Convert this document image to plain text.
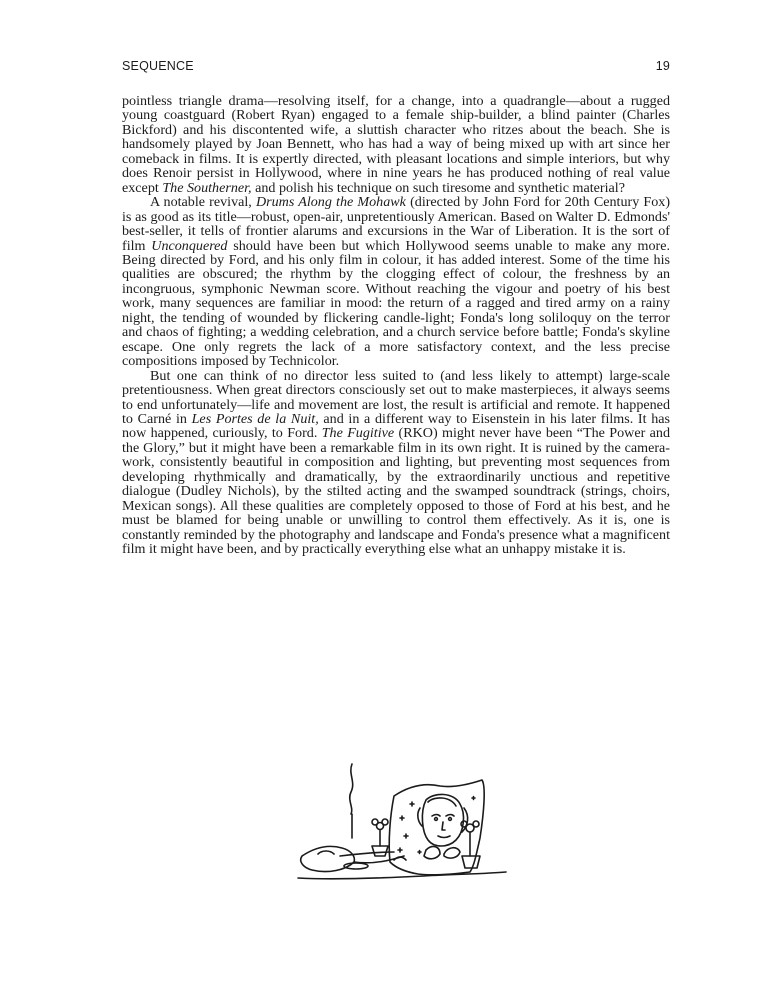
SEQUENCE	19

pointless triangle drama—resolving itself, for a change, into a quadrangle—about a rugged young coastguard (Robert Ryan) engaged to a female ship-builder, a blind painter (Charles Bickford) and his discontented wife, a sluttish character who ritzes about the beach. She is handsomely played by Joan Bennett, who has had a way of being mixed up with art since her comeback in films. It is expertly directed, with pleasant locations and simple interiors, but why does Renoir persist in Hollywood, where in nine years he has produced nothing of real value except The Southerner, and polish his technique on such tiresome and synthetic material?

A notable revival, Drums Along the Mohawk (directed by John Ford for 20th Century Fox) is as good as its title—robust, open-air, unpretentiously American. Based on Walter D. Edmonds' best-seller, it tells of frontier alarums and excursions in the War of Liberation. It is the sort of film Unconquered should have been but which Hollywood seems unable to make any more. Being directed by Ford, and his only film in colour, it has added interest. Some of the time his qualities are obscured; the rhythm by the clogging effect of colour, the freshness by an incongruous, symphonic Newman score. Without reaching the vigour and poetry of his best work, many sequences are familiar in mood: the return of a ragged and tired army on a rainy night, the tending of wounded by flickering candle-light; Fonda's long soliloquy on the terror and chaos of fighting; a wedding celebration, and a church service before battle; Fonda's skyline escape. One only regrets the lack of a more satisfactory context, and the less precise compositions imposed by Technicolor.

But one can think of no director less suited to (and less likely to attempt) large-scale pretentiousness. When great directors consciously set out to make masterpieces, it always seems to end unfortunately—life and movement are lost, the result is artificial and remote. It happened to Carné in Les Portes de la Nuit, and in a different way to Eisenstein in his later films. It has now happened, curiously, to Ford. The Fugitive (RKO) might never have been “The Power and the Glory,” but it might have been a remarkable film in its own right. It is ruined by the camera-work, consistently beautiful in composition and lighting, but preventing most sequences from developing rhythmically and dramatically, by the extraordinarily unctious and repetitive dialogue (Dudley Nichols), by the stilted acting and the swamped soundtrack (strings, choirs, Mexican songs). All these qualities are completely opposed to those of Ford at his best, and he must be blamed for being unable or unwilling to control them effectively. As it is, one is constantly reminded by the photography and landscape and Fonda's presence what a magnificent film it might have been, and by practically everything else what an unhappy mistake it is.
